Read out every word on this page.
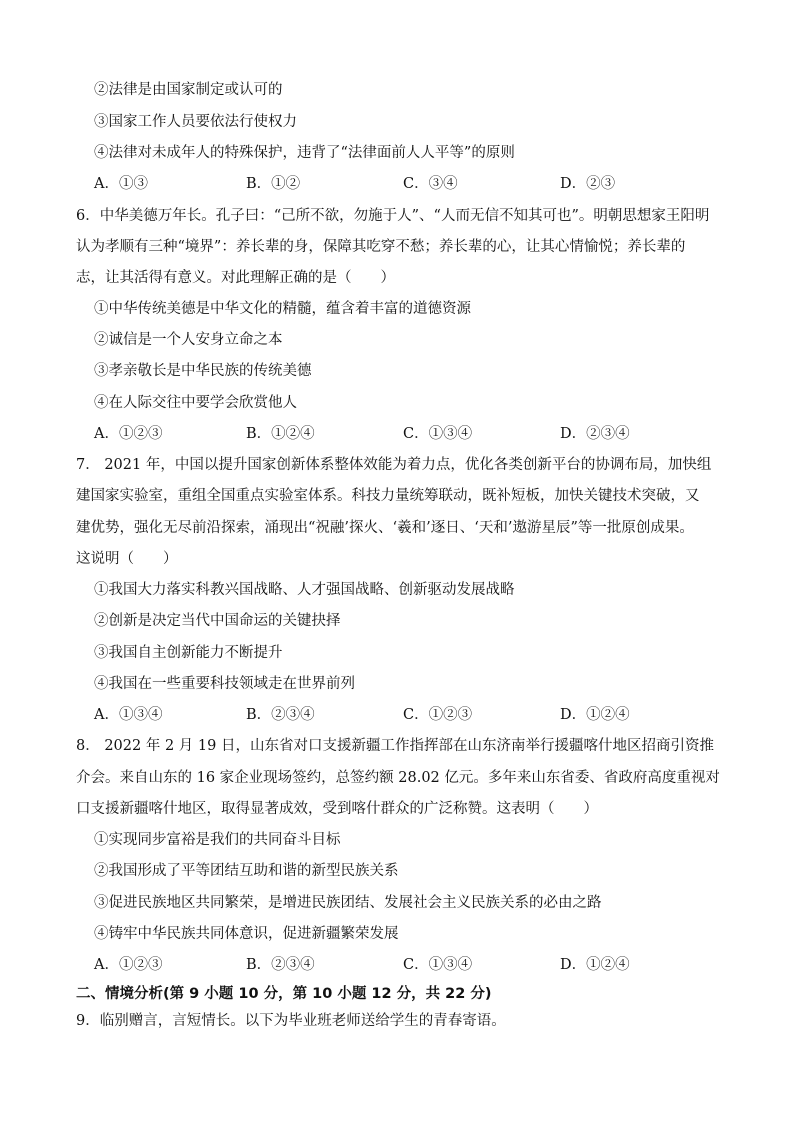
②法律是由国家制定或认可的
③国家工作人员要依法行使权力
④法律对未成年人的特殊保护，违背了“法律面前人人平等”的原则
A．①③	B．①②	C．③④	D．②③
6．中华美德万年长。孔子曰：“己所不欲，勿施于人”、“人而无信不知其可也”。明朝思想家王阳明
认为孝顺有三种“境界”：养长辈的身，保障其吃穿不愁；养长辈的心，让其心情愉悦；养长辈的
志，让其活得有意义。对此理解正确的是（　　）
①中华传统美德是中华文化的精髓，蕴含着丰富的道德资源
②诚信是一个人安身立命之本
③孝亲敬长是中华民族的传统美德
④在人际交往中要学会欣赏他人
A．①②③	B．①②④	C．①③④	D．②③④
7． 2021 年，中国以提升国家创新体系整体效能为着力点，优化各类创新平台的协调布局，加快组
建国家实验室，重组全国重点实验室体系。科技力量统筹联动，既补短板，加快关键技术突破，又
建优势，强化无尽前沿探索，涌现出“祝融’探火、‘羲和’逐日、‘天和’遨游星辰”等一批原创成果。
这说明（　　）
①我国大力落实科教兴国战略、人才强国战略、创新驱动发展战略
②创新是决定当代中国命运的关键抉择
③我国自主创新能力不断提升
④我国在一些重要科技领域走在世界前列
A．①③④	B．②③④	C．①②③	D．①②④
8． 2022 年 2 月 19 日，山东省对口支援新疆工作指挥部在山东济南举行援疆喀什地区招商引资推
介会。来自山东的 16 家企业现场签约，总签约额 28.02 亿元。多年来山东省委、省政府高度重视对
口支援新疆喀什地区，取得显著成效，受到喀什群众的广泛称赞。这表明（　　）
①实现同步富裕是我们的共同奋斗目标
②我国形成了平等团结互助和谐的新型民族关系
③促进民族地区共同繁荣，是增进民族团结、发展社会主义民族关系的必由之路
④铸牢中华民族共同体意识，促进新疆繁荣发展
A．①②③	B．②③④	C．①③④	D．①②④
二、情境分析(第 9 小题 10 分，第 10 小题 12 分，共 22 分)
9．临别赠言，言短情长。以下为毕业班老师送给学生的青春寄语。
